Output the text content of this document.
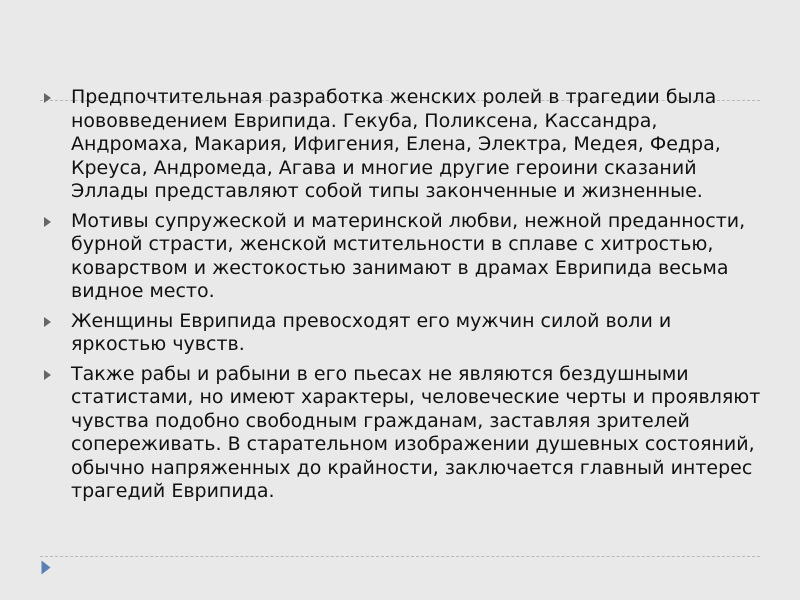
Предпочтительная разработка женских ролей в трагедии была нововведением Еврипида. Гекуба, Поликсена, Кассандра, Андромаха, Макария, Ифигения, Елена, Электра, Медея, Федра, Креуса, Андромеда, Агава и многие другие героини сказаний Эллады представляют собой типы законченные и жизненные.
Мотивы супружеской и материнской любви, нежной преданности, бурной страсти, женской мстительности в сплаве с хитростью, коварством и жестокостью занимают в драмах Еврипида весьма видное место.
Женщины Еврипида превосходят его мужчин силой воли и яркостью чувств.
Также рабы и рабыни в его пьесах не являются бездушными статистами, но имеют характеры, человеческие черты и проявляют чувства подобно свободным гражданам, заставляя зрителей сопереживать. В старательном изображении душевных состояний, обычно напряженных до крайности, заключается главный интерес трагедий Еврипида.
